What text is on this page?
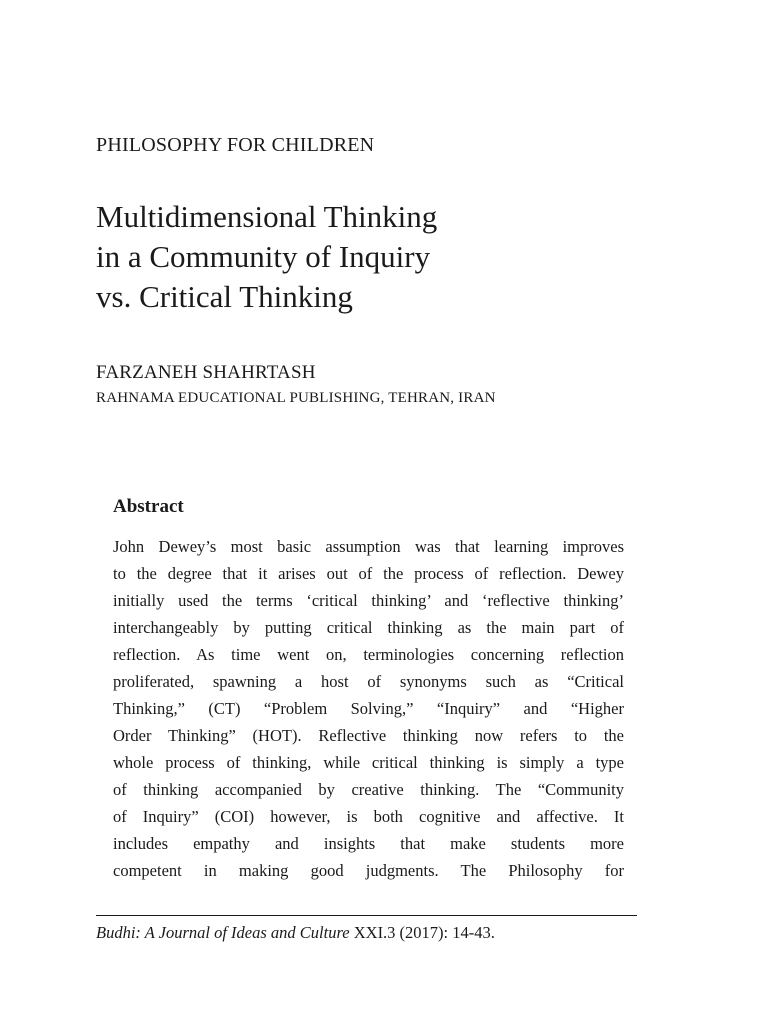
PHILOSOPHY FOR CHILDREN
Multidimensional Thinking
in a Community of Inquiry
vs. Critical Thinking
FARZANEH SHAHRTASH
RAHNAMA EDUCATIONAL PUBLISHING, TEHRAN, IRAN
Abstract
John Dewey’s most basic assumption was that learning improves
to the degree that it arises out of the process of reflection. Dewey
initially used the terms ‘critical thinking’ and ‘reflective thinking’
interchangeably by putting critical thinking as the main part of
reflection. As time went on, terminologies concerning reflection
proliferated, spawning a host of synonyms such as “Critical
Thinking,” (CT) “Problem Solving,” “Inquiry” and “Higher
Order Thinking” (HOT). Reflective thinking now refers to the
whole process of thinking, while critical thinking is simply a type
of thinking accompanied by creative thinking. The “Community
of Inquiry” (COI) however, is both cognitive and affective. It
includes empathy and insights that make students more
competent in making good judgments. The Philosophy for
Budhi: A Journal of Ideas and Culture XXI.3 (2017): 14-43.
